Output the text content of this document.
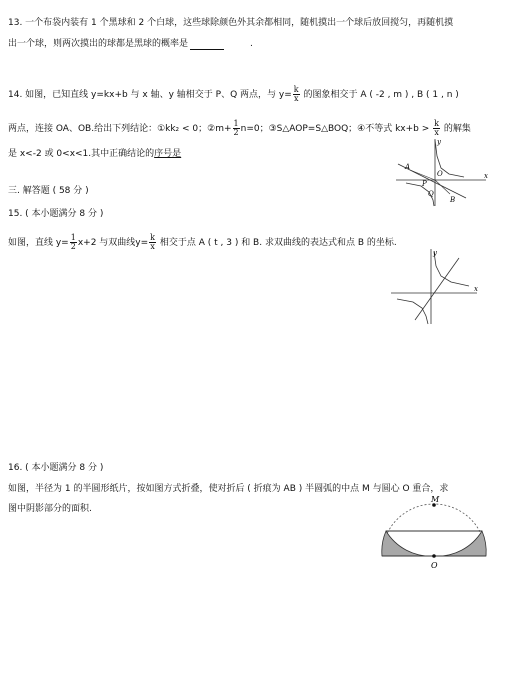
13. 一个布袋内装有 1 个黑球和 2 个白球，这些球除颜色外其余都相同，随机摸出一个球后放回搅匀，再随机摸
出一个球，则两次摸出的球都是黑球的概率是	.
14. 如图，已知直线 y=kx+b 与 x 轴、y 轴相交于 P、Q 两点，与 $y= \frac{k}{x}$ 的图象相交于 A ( -2 , m ) , B ( 1 , n )
两点，连接 OA、OB.给出下列结论：①kk₂ < 0；②m+ $\frac{1}{2} n=0$；③S△AOP=S△BOQ；④不等式 $kx+b > \frac{k}{x}$ 的解集
是 x<-2 或 0<x<1.其中正确结论的序号是
x
y
A
P
O
Q
B
三. 解答题 ( 58 分 )
15. ( 本小题满分 8 分 )
如图，直线 $y= \frac{1}{2} x+2$ 与双曲线$y= \frac{k}{x}$ 相交于点 A ( t , 3 ) 和 B. 求双曲线的表达式和点 B 的坐标.
y
x
16. ( 本小题满分 8 分 )
如图，半径为 1 的半圆形纸片，按如图方式折叠，使对折后 ( 折痕为 AB ) 半圆弧的中点 M 与圆心 O 重合，求
图中阴影部分的面积.
M
O
